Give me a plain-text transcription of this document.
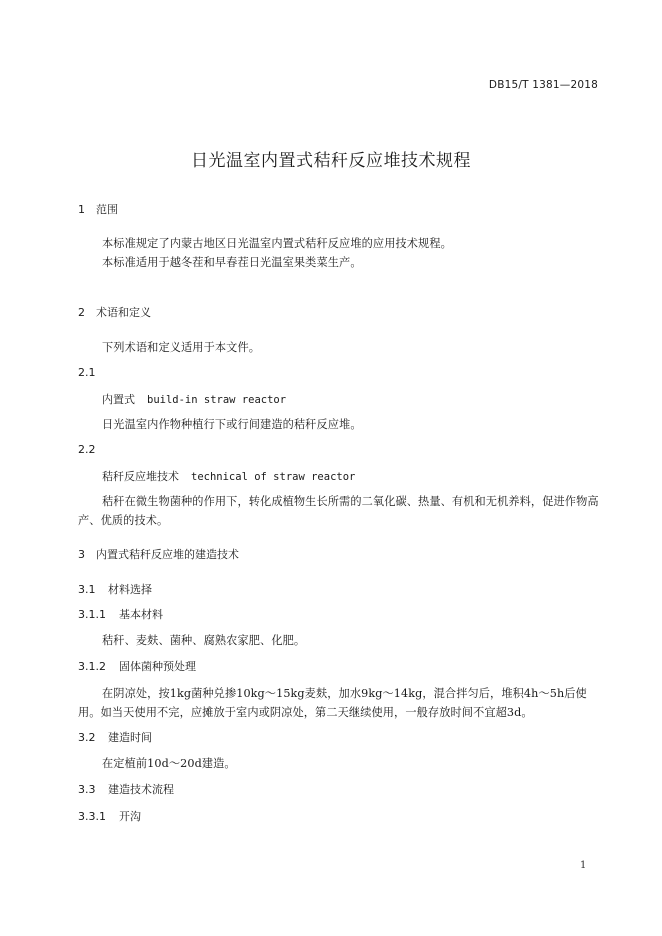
DB15/T 1381—2018
日光温室内置式秸秆反应堆技术规程
1 范围
本标准规定了内蒙古地区日光温室内置式秸秆反应堆的应用技术规程。
本标准适用于越冬茬和早春茬日光温室果类菜生产。
2 术语和定义
下列术语和定义适用于本文件。
2.1
内置式 build-in straw reactor
日光温室内作物种植行下或行间建造的秸秆反应堆。
2.2
秸秆反应堆技术 technical of straw reactor
秸秆在微生物菌种的作用下，转化成植物生长所需的二氧化碳、热量、有机和无机养料，促进作物高产、优质的技术。
3 内置式秸秆反应堆的建造技术
3.1 材料选择
3.1.1 基本材料
秸秆、麦麸、菌种、腐熟农家肥、化肥。
3.1.2 固体菌种预处理
在阴凉处，按1kg菌种兑掺10kg～15kg麦麸，加水9kg～14kg，混合拌匀后，堆积4h～5h后使用。如当天使用不完，应摊放于室内或阴凉处，第二天继续使用，一般存放时间不宜超3d。
3.2 建造时间
在定植前10d～20d建造。
3.3 建造技术流程
3.3.1 开沟
1
